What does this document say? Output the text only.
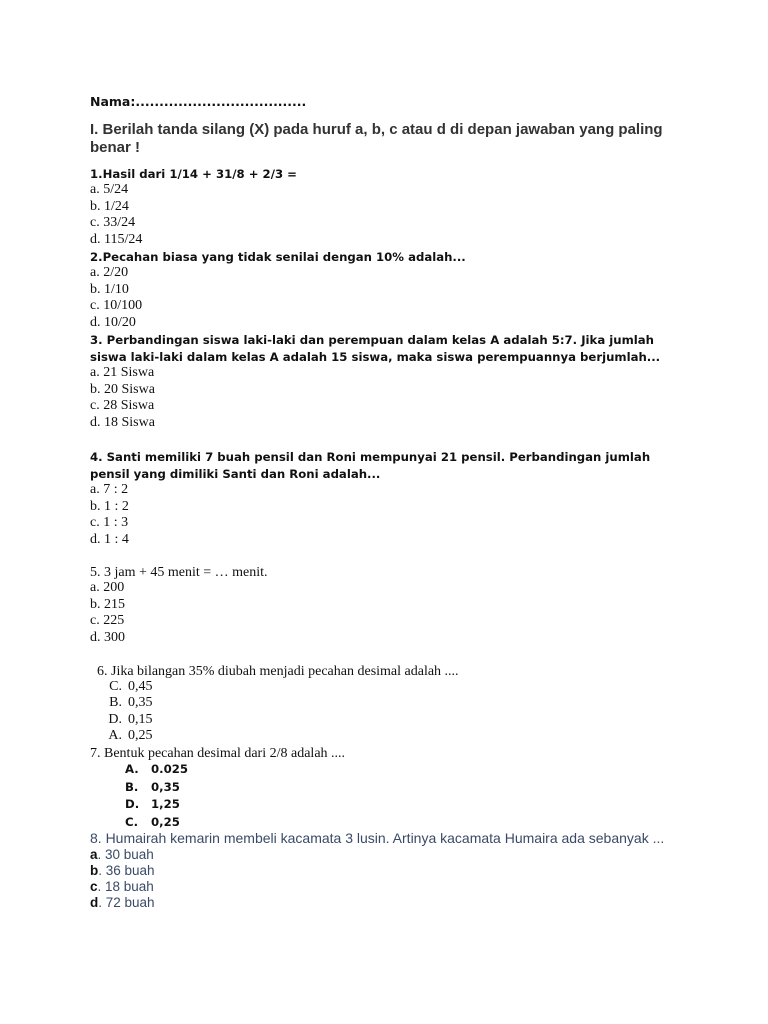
Nama:....................................
I. Berilah tanda silang (X) pada huruf a, b, c atau d di depan jawaban yang paling benar !
1.Hasil dari 1/14 + 31/8 + 2/3 =
a. 5/24
b. 1/24
c. 33/24
d. 115/24
2.Pecahan biasa yang tidak senilai dengan 10% adalah...
a. 2/20
b. 1/10
c. 10/100
d. 10/20
3. Perbandingan siswa laki-laki dan perempuan dalam kelas A adalah 5:7. Jika jumlah siswa laki-laki dalam kelas A adalah 15 siswa, maka siswa perempuannya berjumlah...
a. 21 Siswa
b. 20 Siswa
c. 28 Siswa
d. 18 Siswa
4. Santi memiliki 7 buah pensil dan Roni mempunyai 21 pensil. Perbandingan jumlah pensil yang dimiliki Santi dan Roni adalah...
a. 7 : 2
b. 1 : 2
c. 1 : 3
d. 1 : 4
5. 3 jam + 45 menit = … menit.
a. 200
b. 215
c. 225
d. 300
6. Jika bilangan 35% diubah menjadi pecahan desimal adalah ....
C. 0,45
B. 0,35
D. 0,15
A. 0,25
7. Bentuk pecahan desimal dari 2/8 adalah ....
A. 0.025
B. 0,35
D. 1,25
C. 0,25
8. Humairah kemarin membeli kacamata 3 lusin. Artinya kacamata Humaira ada sebanyak ...
a. 30 buah
b. 36 buah
c. 18 buah
d. 72 buah
